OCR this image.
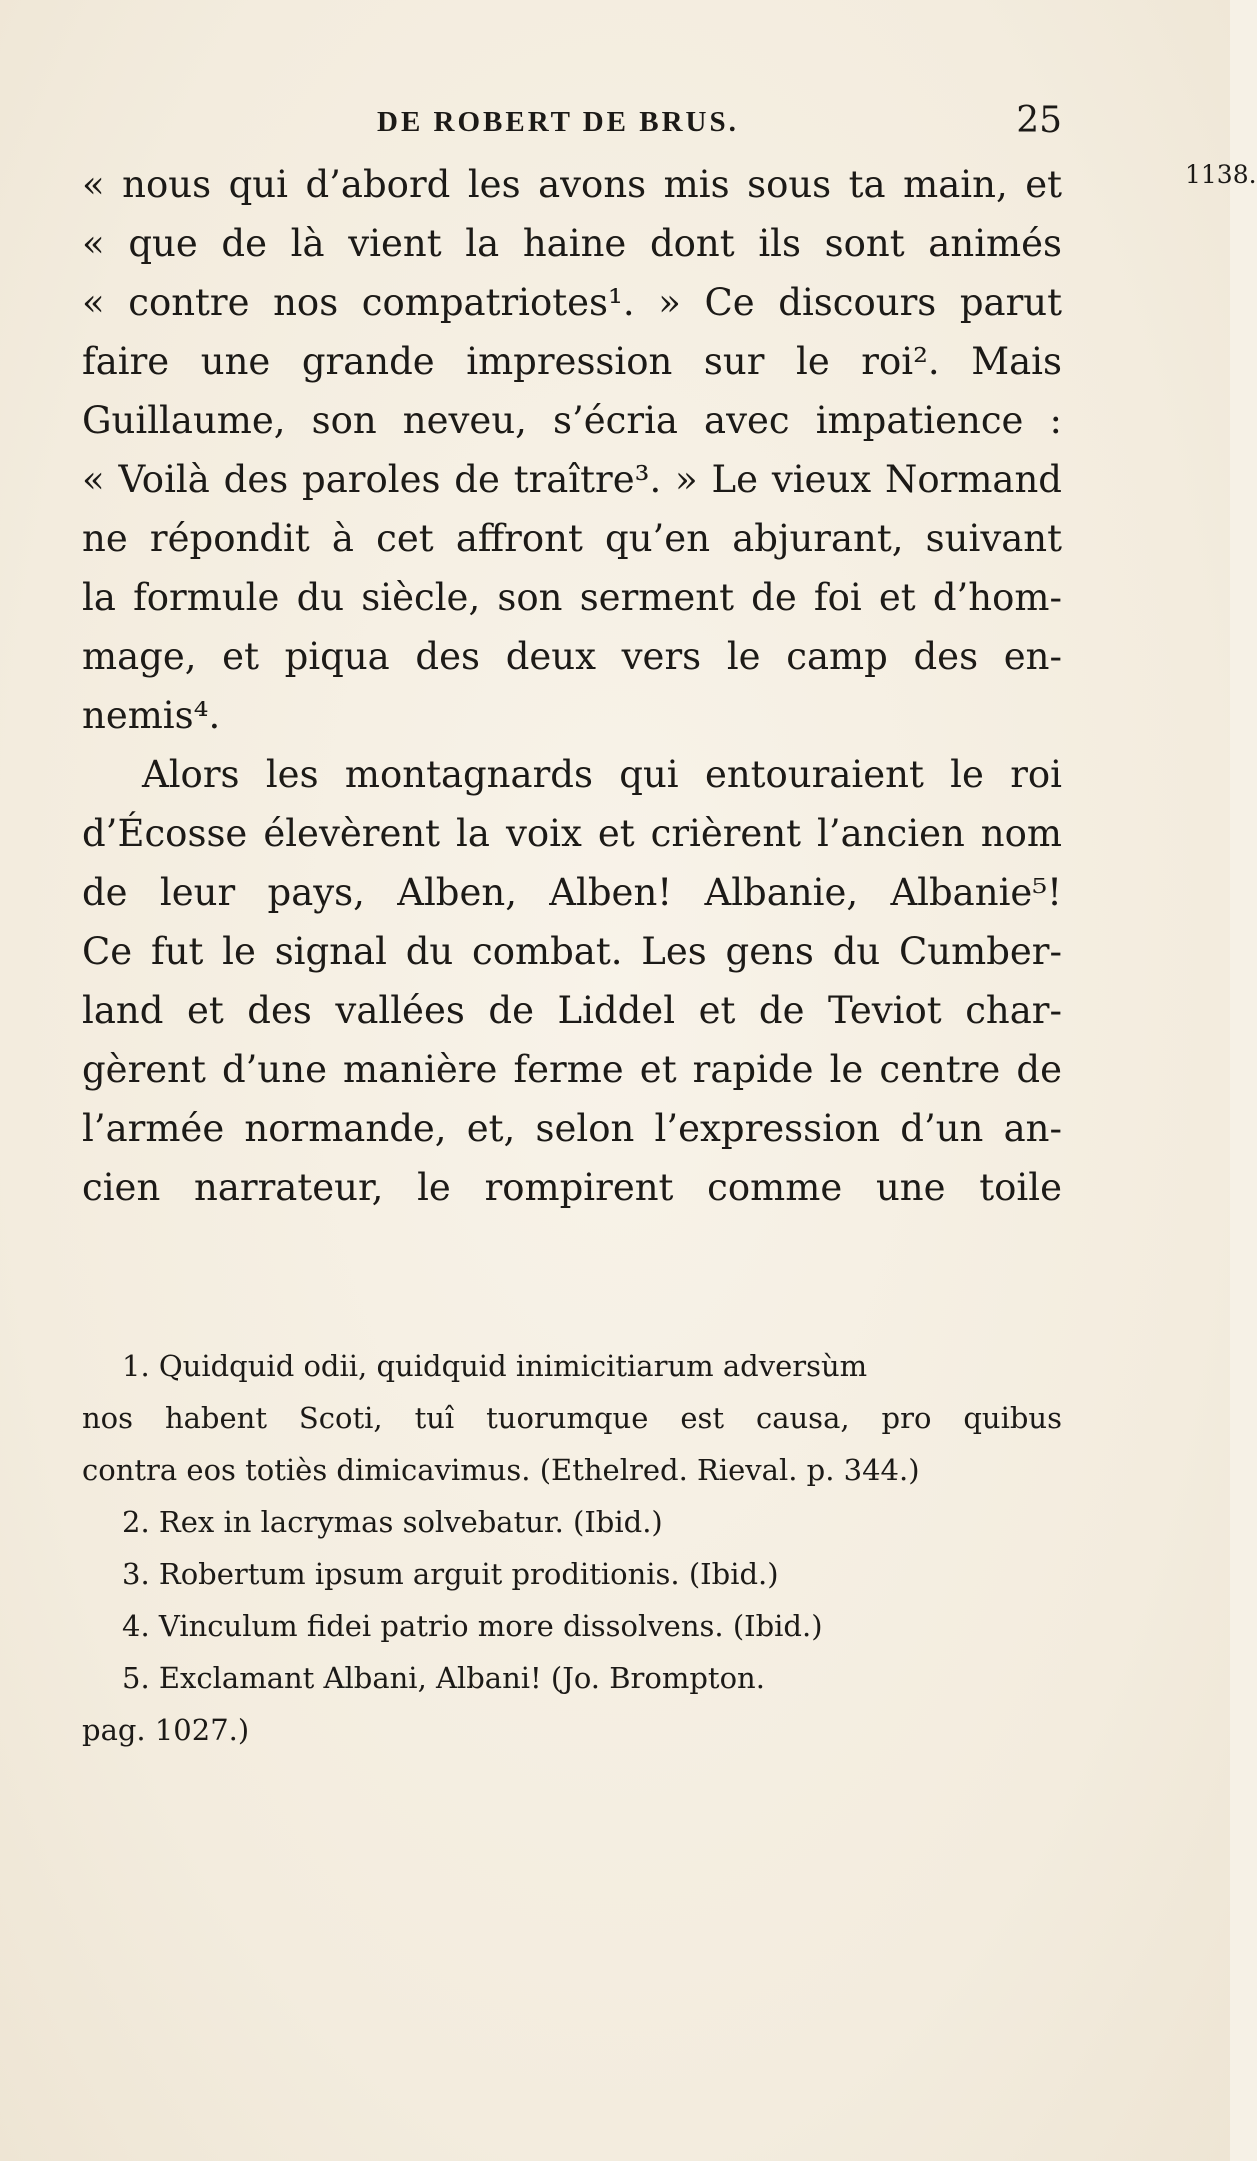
DE ROBERT DE BRUS.	25
1138.
« nous qui d’abord les avons mis sous ta main, et
« que de là vient la haine dont ils sont animés
« contre nos compatriotes¹. » Ce discours parut
faire une grande impression sur le roi². Mais
Guillaume, son neveu, s’écria avec impatience :
« Voilà des paroles de traître³. » Le vieux Normand
ne répondit à cet affront qu’en abjurant, suivant
la formule du siècle, son serment de foi et d’hom-
mage, et piqua des deux vers le camp des en-
nemis⁴.
Alors les montagnards qui entouraient le roi
d’Écosse élevèrent la voix et crièrent l’ancien nom
de leur pays, Alben, Alben! Albanie, Albanie⁵!
Ce fut le signal du combat. Les gens du Cumber-
land et des vallées de Liddel et de Teviot char-
gèrent d’une manière ferme et rapide le centre de
l’armée normande, et, selon l’expression d’un an-
cien narrateur, le rompirent comme une toile
1. Quidquid odii, quidquid inimicitiarum adversùm
nos habent Scoti, tuî tuorumque est causa, pro quibus
contra eos totiès dimicavimus. (Ethelred. Rieval. p. 344.)
2. Rex in lacrymas solvebatur. (Ibid.)
3. Robertum ipsum arguit proditionis. (Ibid.)
4. Vinculum fidei patrio more dissolvens. (Ibid.)
5. Exclamant Albani, Albani! (Jo. Brompton.
pag. 1027.)
